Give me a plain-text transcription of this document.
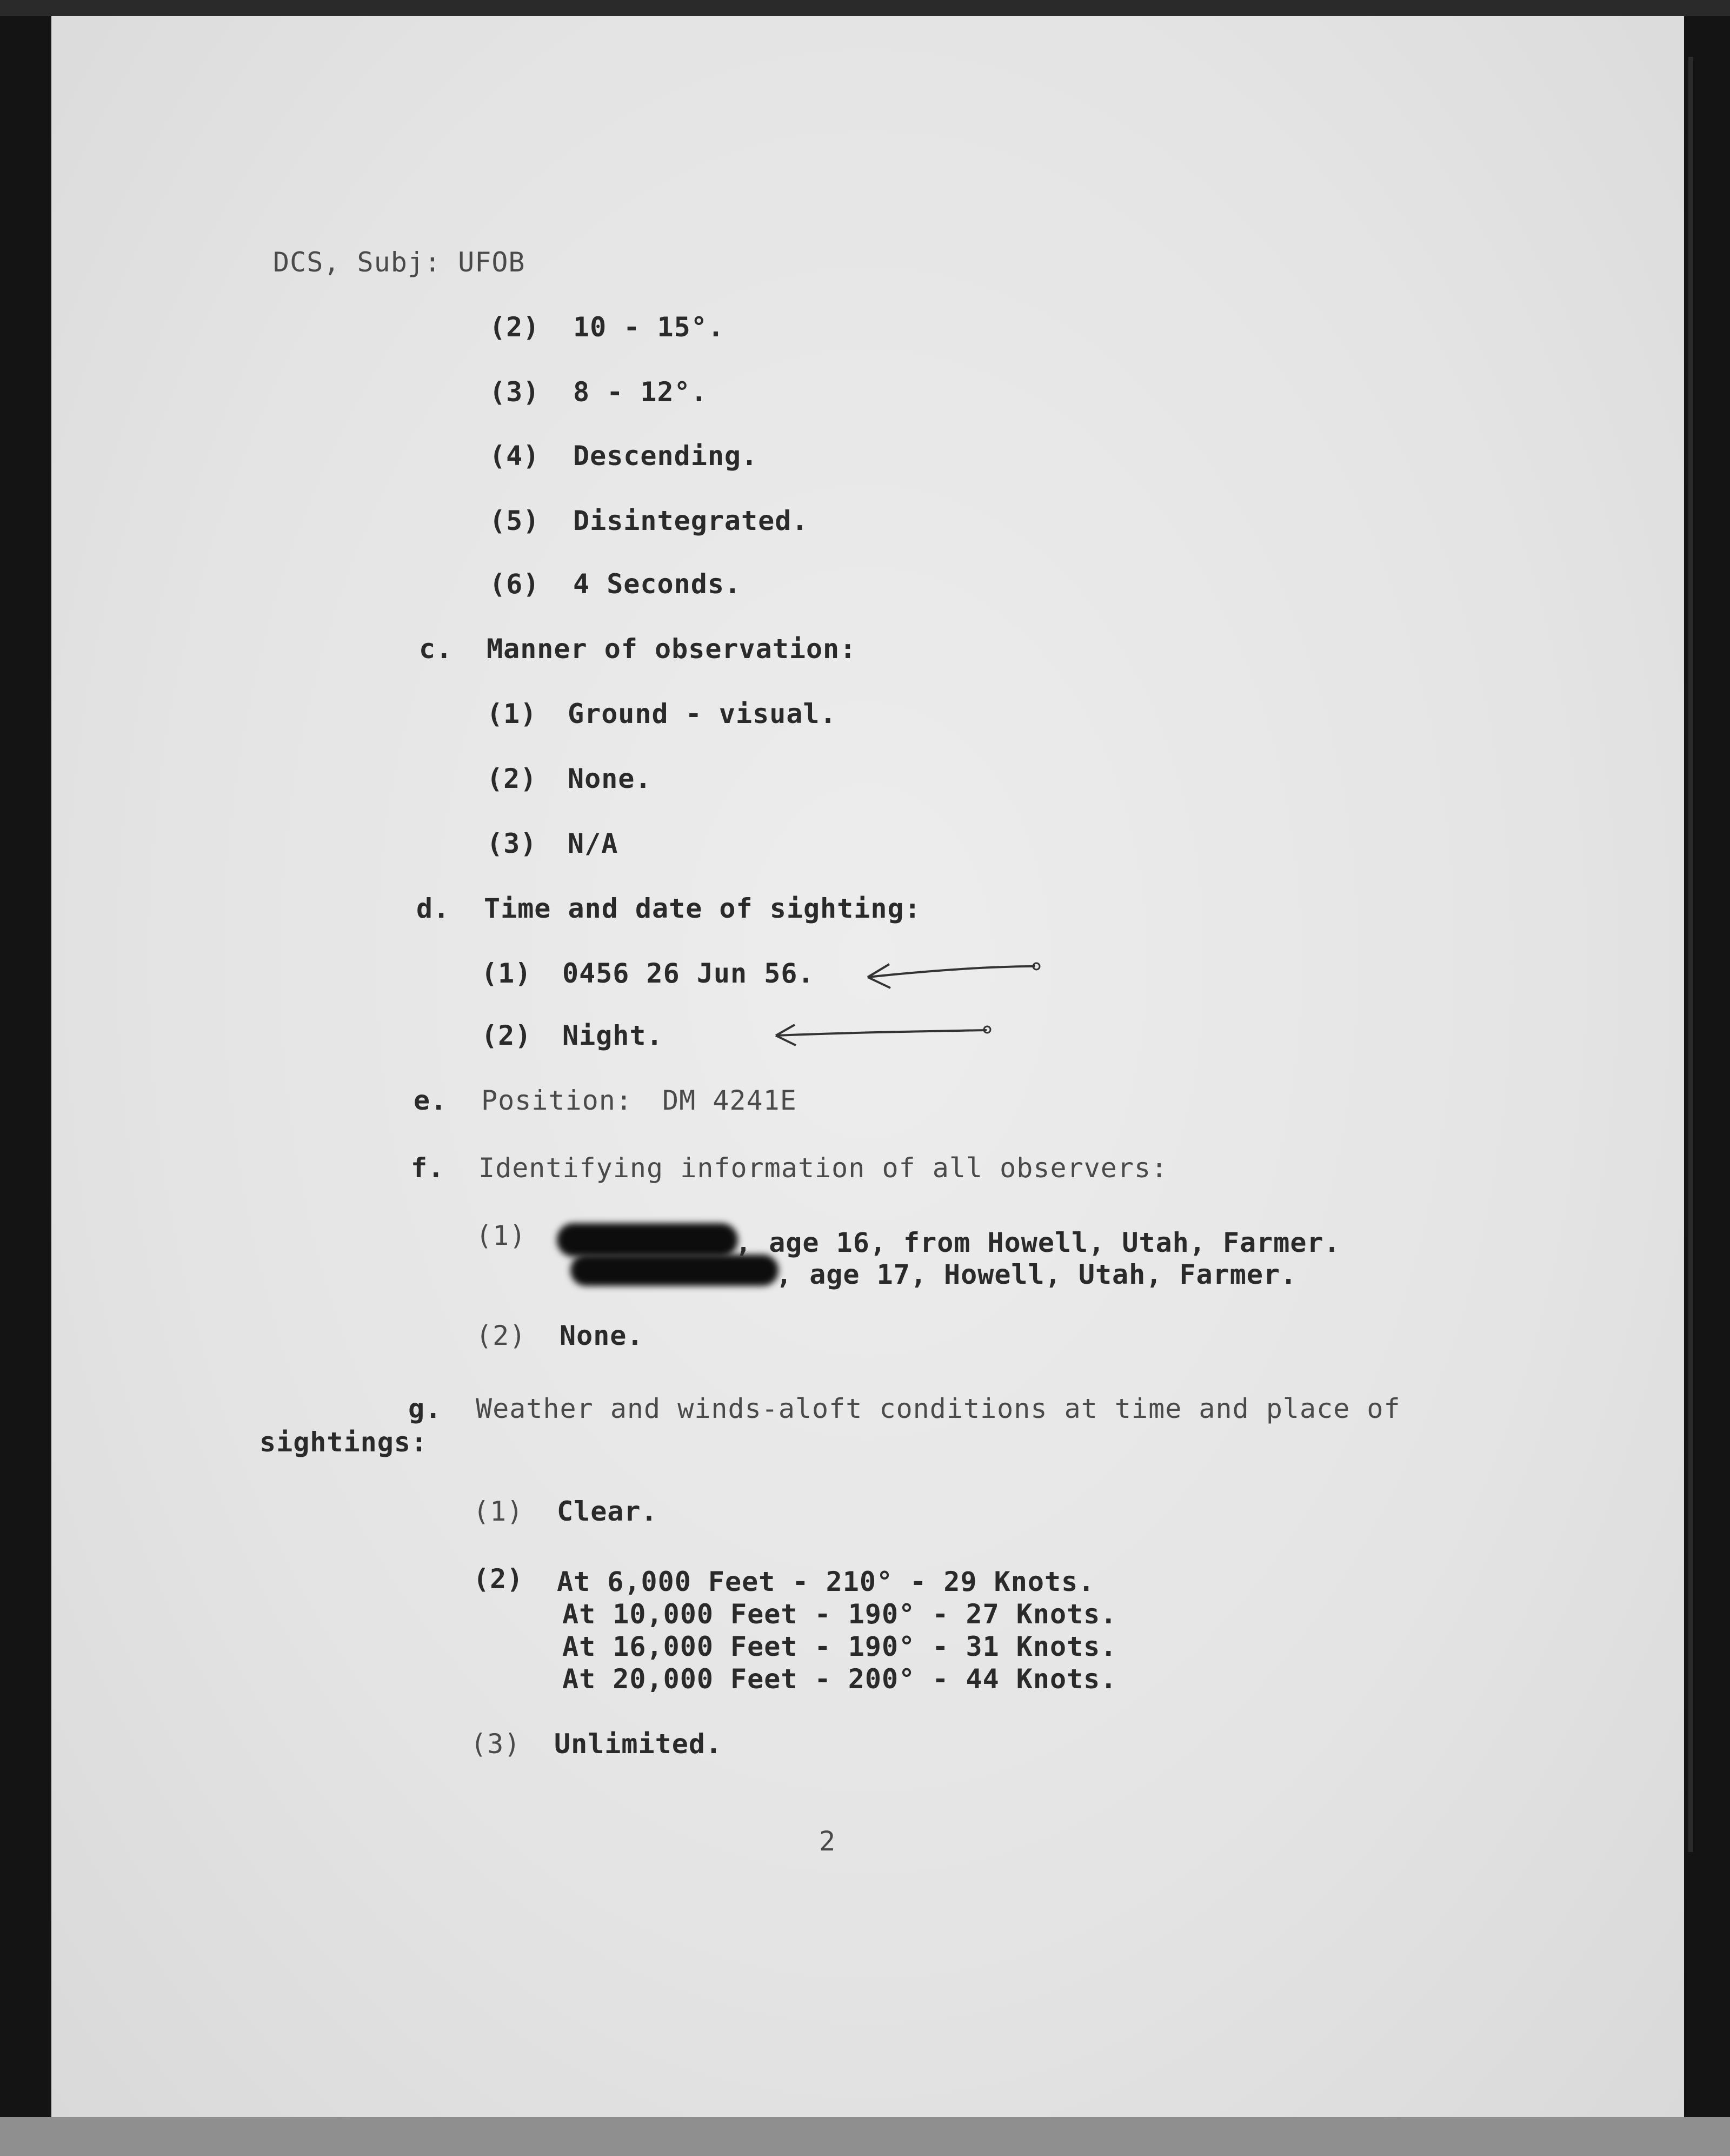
DCS, Subj: UFOB
(2) 10 - 15°.
(3) 8 - 12°.
(4) Descending.
(5) Disintegrated.
(6) 4 Seconds.
c. Manner of observation:
(1) Ground - visual.
(2) None.
(3) N/A
d. Time and date of sighting:
(1) 0456 26 Jun 56.
(2) Night.
e. Position: DM 4241E
f. Identifying information of all observers:
(1)	, age 16, from Howell, Utah, Farmer.
, age 17, Howell, Utah, Farmer.
(2) None.
g. Weather and winds-aloft conditions at time and place of
sightings:
(1) Clear.
(2) At 6,000 Feet - 210° - 29 Knots.
At 10,000 Feet - 190° - 27 Knots.
At 16,000 Feet - 190° - 31 Knots.
At 20,000 Feet - 200° - 44 Knots.
(3) Unlimited.
2
